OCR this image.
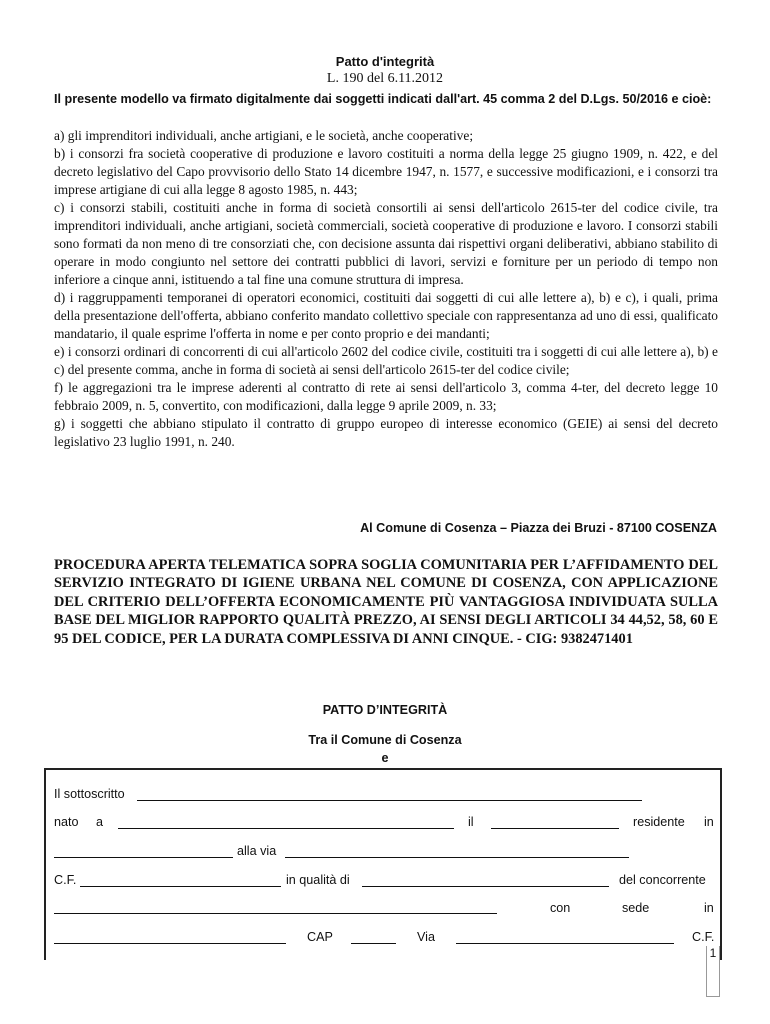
Patto d'integrità
L. 190 del 6.11.2012
Il presente modello va firmato digitalmente dai soggetti indicati dall'art. 45 comma 2 del D.Lgs. 50/2016 e cioè:

a) gli imprenditori individuali, anche artigiani, e le società, anche cooperative;

b) i consorzi fra società cooperative di produzione e lavoro costituiti a norma della legge 25 giugno 1909, n. 422, e del decreto legislativo del Capo provvisorio dello Stato 14 dicembre 1947, n. 1577, e successive modificazioni, e i consorzi tra imprese artigiane di cui alla legge 8 agosto 1985, n. 443;

c) i consorzi stabili, costituiti anche in forma di società consortili ai sensi dell'articolo 2615-ter del codice civile, tra imprenditori individuali, anche artigiani, società commerciali, società cooperative di produzione e lavoro. I consorzi stabili sono formati da non meno di tre consorziati che, con decisione assunta dai rispettivi organi deliberativi, abbiano stabilito di operare in modo congiunto nel settore dei contratti pubblici di lavori, servizi e forniture per un periodo di tempo non inferiore a cinque anni, istituendo a tal fine una comune struttura di impresa.

d) i raggruppamenti temporanei di operatori economici, costituiti dai soggetti di cui alle lettere a), b) e c), i quali, prima della presentazione dell'offerta, abbiano conferito mandato collettivo speciale con rappresentanza ad uno di essi, qualificato mandatario, il quale esprime l'offerta in nome e per conto proprio e dei mandanti;

e) i consorzi ordinari di concorrenti di cui all'articolo 2602 del codice civile, costituiti tra i soggetti di cui alle lettere a), b) e c) del presente comma, anche in forma di società ai sensi dell'articolo 2615-ter del codice civile;

f) le aggregazioni tra le imprese aderenti al contratto di rete ai sensi dell'articolo 3, comma 4-ter, del decreto legge 10 febbraio 2009, n. 5, convertito, con modificazioni, dalla legge 9 aprile 2009, n. 33;

g) i soggetti che abbiano stipulato il contratto di gruppo europeo di interesse economico (GEIE) ai sensi del decreto legislativo 23 luglio 1991, n. 240.

Al Comune di Cosenza – Piazza dei Bruzi - 87100 COSENZA
PROCEDURA APERTA TELEMATICA SOPRA SOGLIA COMUNITARIA PER L’AFFIDAMENTO DEL SERVIZIO INTEGRATO DI IGIENE URBANA NEL COMUNE DI COSENZA, CON APPLICAZIONE DEL CRITERIO DELL’OFFERTA ECONOMICAMENTE PIÙ VANTAGGIOSA INDIVIDUATA SULLA BASE DEL MIGLIOR RAPPORTO QUALITÀ PREZZO, AI SENSI DEGLI ARTICOLI 34 44,52, 58, 60 E 95 DEL CODICE, PER LA DURATA COMPLESSIVA DI ANNI CINQUE. - CIG: 9382471401
PATTO D’INTEGRITÀ
Tra il Comune di Cosenza
e
Il sottoscritto
nato a	il	residente in
alla via
C.F.	in qualità di	del concorrente
con	sede	in
CAP	Via	C.F.
1
